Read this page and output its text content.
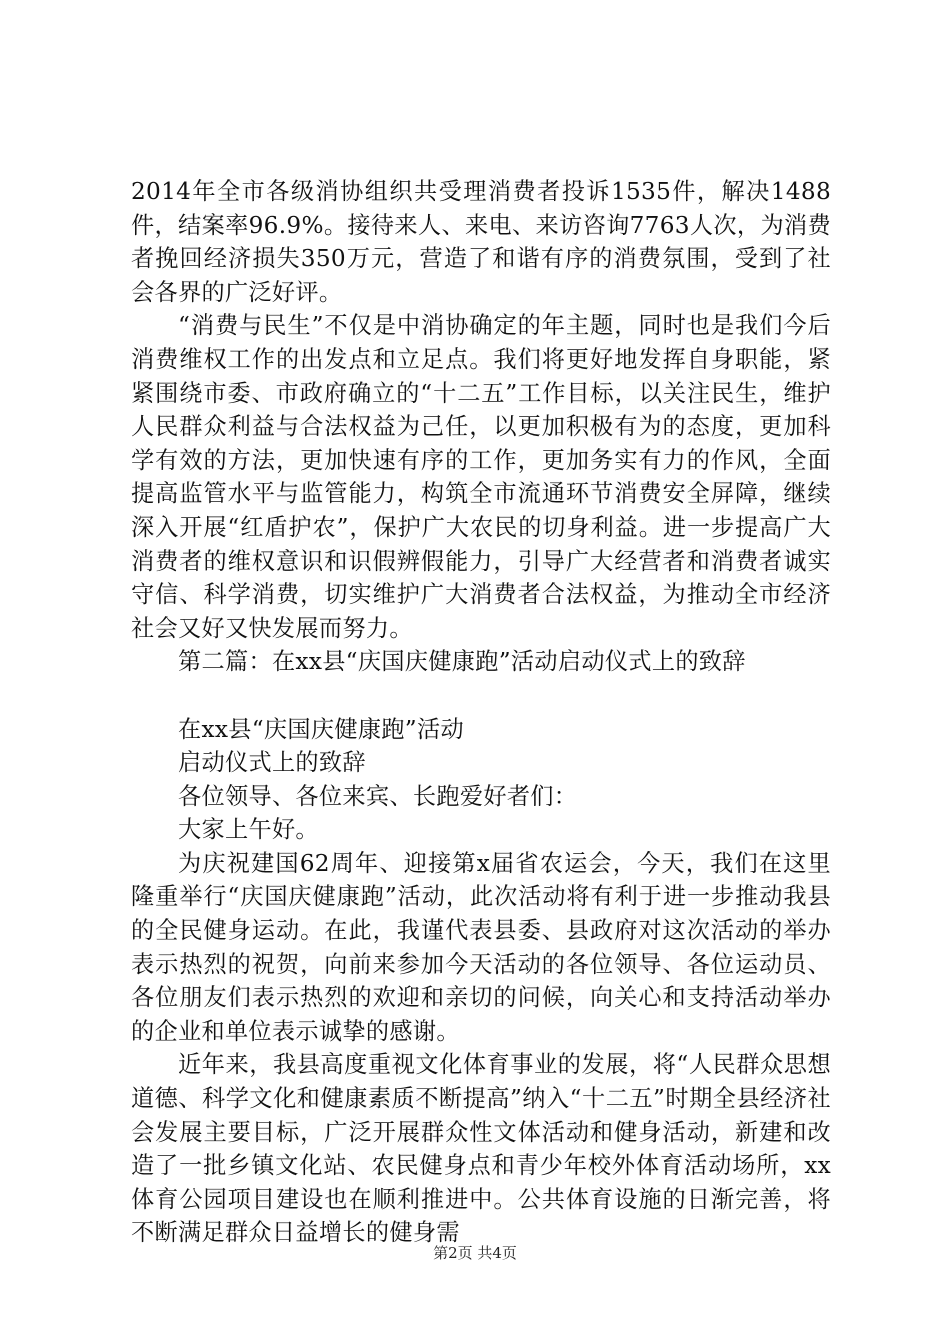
2014年全市各级消协组织共受理消费者投诉1535件，解决1488件，结案率96.9%。接待来人、来电、来访咨询7763人次，为消费者挽回经济损失350万元，营造了和谐有序的消费氛围，受到了社会各界的广泛好评。

“消费与民生”不仅是中消协确定的年主题，同时也是我们今后消费维权工作的出发点和立足点。我们将更好地发挥自身职能，紧紧围绕市委、市政府确立的“十二五”工作目标，以关注民生，维护人民群众利益与合法权益为己任，以更加积极有为的态度，更加科学有效的方法，更加快速有序的工作，更加务实有力的作风，全面提高监管水平与监管能力，构筑全市流通环节消费安全屏障，继续深入开展“红盾护农”，保护广大农民的切身利益。进一步提高广大消费者的维权意识和识假辨假能力，引导广大经营者和消费者诚实守信、科学消费，切实维护广大消费者合法权益，为推动全市经济社会又好又快发展而努力。

第二篇：在xx县“庆国庆健康跑”活动启动仪式上的致辞

在xx县“庆国庆健康跑”活动

启动仪式上的致辞

各位领导、各位来宾、长跑爱好者们：

大家上午好。

为庆祝建国62周年、迎接第x届省农运会，今天，我们在这里隆重举行“庆国庆健康跑”活动，此次活动将有利于进一步推动我县的全民健身运动。在此，我谨代表县委、县政府对这次活动的举办表示热烈的祝贺，向前来参加今天活动的各位领导、各位运动员、各位朋友们表示热烈的欢迎和亲切的问候，向关心和支持活动举办的企业和单位表示诚挚的感谢。

近年来，我县高度重视文化体育事业的发展，将“人民群众思想道德、科学文化和健康素质不断提高”纳入“十二五”时期全县经济社会发展主要目标，广泛开展群众性文体活动和健身活动，新建和改造了一批乡镇文化站、农民健身点和青少年校外体育活动场所，xx体育公园项目建设也在顺利推进中。公共体育设施的日渐完善，将不断满足群众日益增长的健身需

第2页 共4页
